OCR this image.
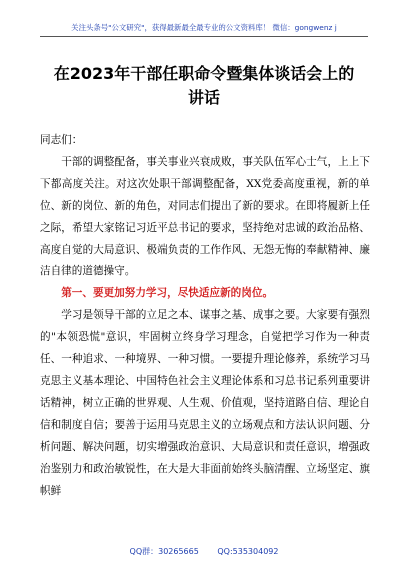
关注头条号"公文研究"，获得最新最全最专业的公文资料库！ 微信：gongwenz j
在2023年干部任职命令暨集体谈话会上的讲话

同志们：

干部的调整配备，事关事业兴衰成败，事关队伍军心士气，上上下下都高度关注。对这次处职干部调整配备，XX党委高度重视，新的单位、新的岗位、新的角色，对同志们提出了新的要求。在即将履新上任之际，希望大家铭记习近平总书记的要求，坚持绝对忠诚的政治品格、高度自觉的大局意识、极端负责的工作作风、无怨无悔的奉献精神、廉洁自律的道德操守。

第一、要更加努力学习，尽快适应新的岗位。

学习是领导干部的立足之本、谋事之基、成事之要。大家要有强烈的"本领恐慌"意识，牢固树立终身学习理念，自觉把学习作为一种责任、一种追求、一种境界、一种习惯。一要提升理论修养，系统学习马克思主义基本理论、中国特色社会主义理论体系和习总书记系列重要讲话精神，树立正确的世界观、人生观、价值观，坚持道路自信、理论自信和制度自信；要善于运用马克思主义的立场观点和方法认识问题、分析问题、解决问题，切实增强政治意识、大局意识和责任意识，增强政治鉴别力和政治敏锐性，在大是大非面前始终头脑清醒、立场坚定、旗帜鲜

QQ群：30265665 QQ:535304092
